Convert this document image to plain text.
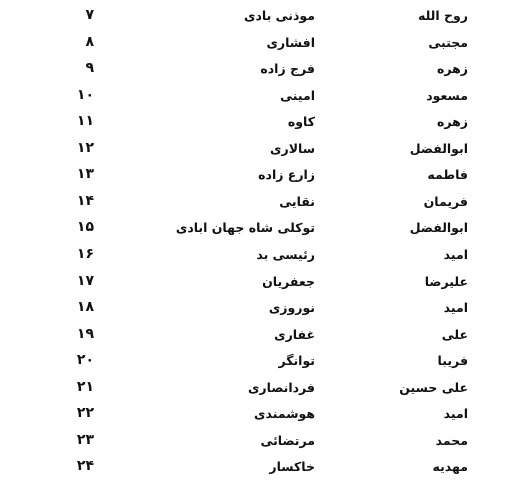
روح الله
موذنی بادی
۷
مجتبی
افشاری
۸
زهره
فرج زاده
۹
مسعود
امینی
۱۰
زهره
کاوه
۱۱
ابوالفضل
سالاری
۱۲
فاطمه
زارع زاده
۱۳
فریمان
نقایی
۱۴
ابوالفضل
توکلی شاه جهان ابادی
۱۵
امید
رئیسی بد
۱۶
علیرضا
جعفریان
۱۷
امید
نوروزی
۱۸
علی
غفاری
۱۹
فریبا
توانگر
۲۰
علی حسین
فردانصاری
۲۱
امید
هوشمندی
۲۲
محمد
مرتضائی
۲۳
مهدیه
خاکسار
۲۴
